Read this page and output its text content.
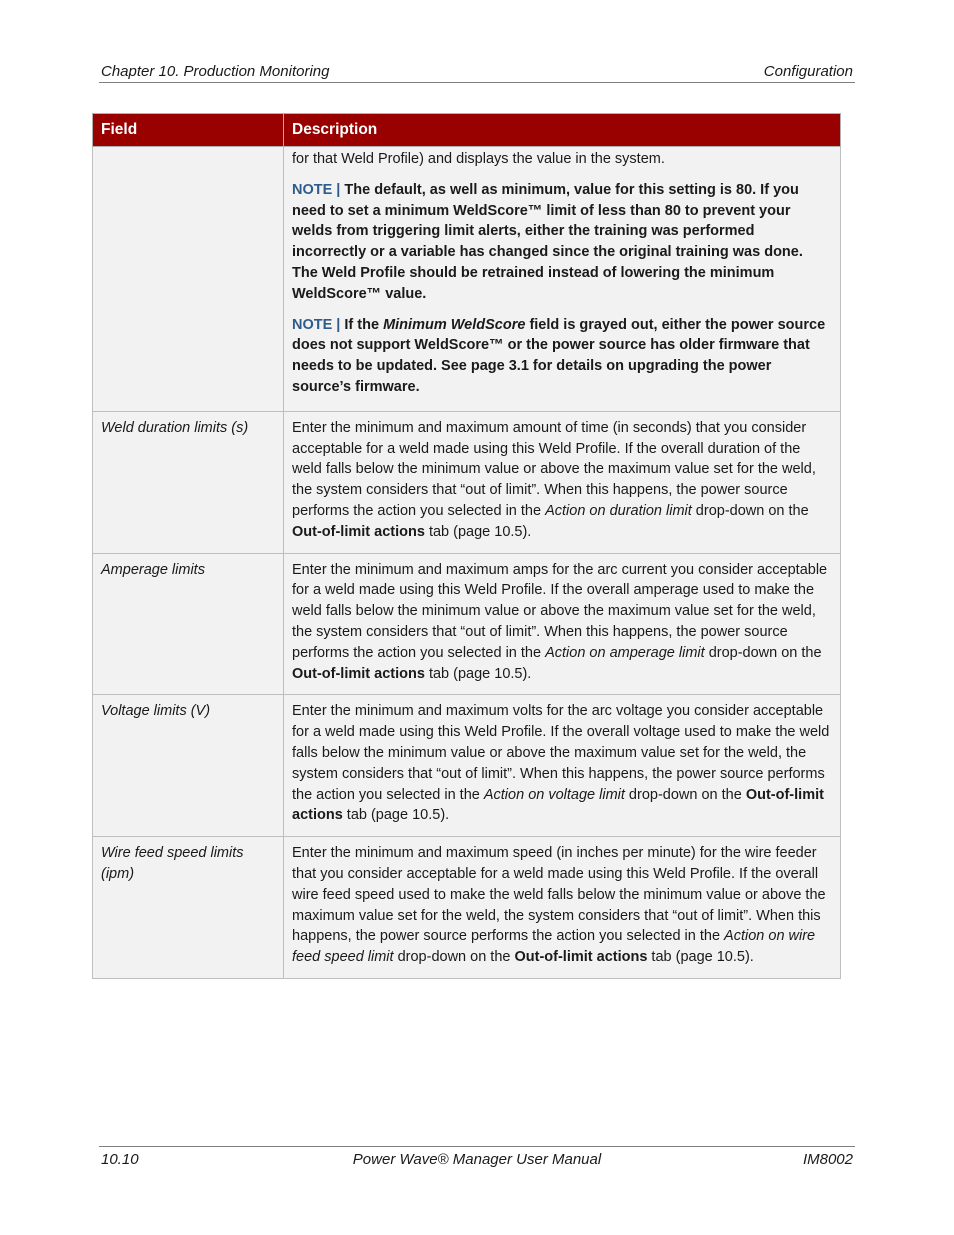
Chapter 10. Production Monitoring	Configuration
Field	Description

	for that Weld Profile) and displays the value in the system.

NOTE | The default, as well as minimum, value for this setting is 80. If you need to set a minimum WeldScore™ limit of less than 80 to prevent your welds from triggering limit alerts, either the training was performed incorrectly or a variable has changed since the original training was done. The Weld Profile should be retrained instead of lowering the minimum WeldScore™ value.

NOTE | If the Minimum WeldScore field is grayed out, either the power source does not support WeldScore™ or the power source has older firmware that needs to be updated. See page 3.1 for details on upgrading the power source’s firmware.

Weld duration limits (s)	Enter the minimum and maximum amount of time (in seconds) that you consider acceptable for a weld made using this Weld Profile. If the overall duration of the weld falls below the minimum value or above the maximum value set for the weld, the system considers that “out of limit”. When this happens, the power source performs the action you selected in the Action on duration limit drop-down on the Out-of-limit actions tab (page 10.5).
Amperage limits	Enter the minimum and maximum amps for the arc current you consider acceptable for a weld made using this Weld Profile. If the overall amperage used to make the weld falls below the minimum value or above the maximum value set for the weld, the system considers that “out of limit”. When this happens, the power source performs the action you selected in the Action on amperage limit drop-down on the Out-of-limit actions tab (page 10.5).
Voltage limits (V)	Enter the minimum and maximum volts for the arc voltage you consider acceptable for a weld made using this Weld Profile. If the overall voltage used to make the weld falls below the minimum value or above the maximum value set for the weld, the system considers that “out of limit”. When this happens, the power source performs the action you selected in the Action on voltage limit drop-down on the Out-of-limit actions tab (page 10.5).
Wire feed speed limits (ipm)	Enter the minimum and maximum speed (in inches per minute) for the wire feeder that you consider acceptable for a weld made using this Weld Profile. If the overall wire feed speed used to make the weld falls below the minimum value or above the maximum value set for the weld, the system considers that “out of limit”. When this happens, the power source performs the action you selected in the Action on wire feed speed limit drop-down on the Out-of-limit actions tab (page 10.5).
10.10	Power Wave® Manager User Manual	IM8002
